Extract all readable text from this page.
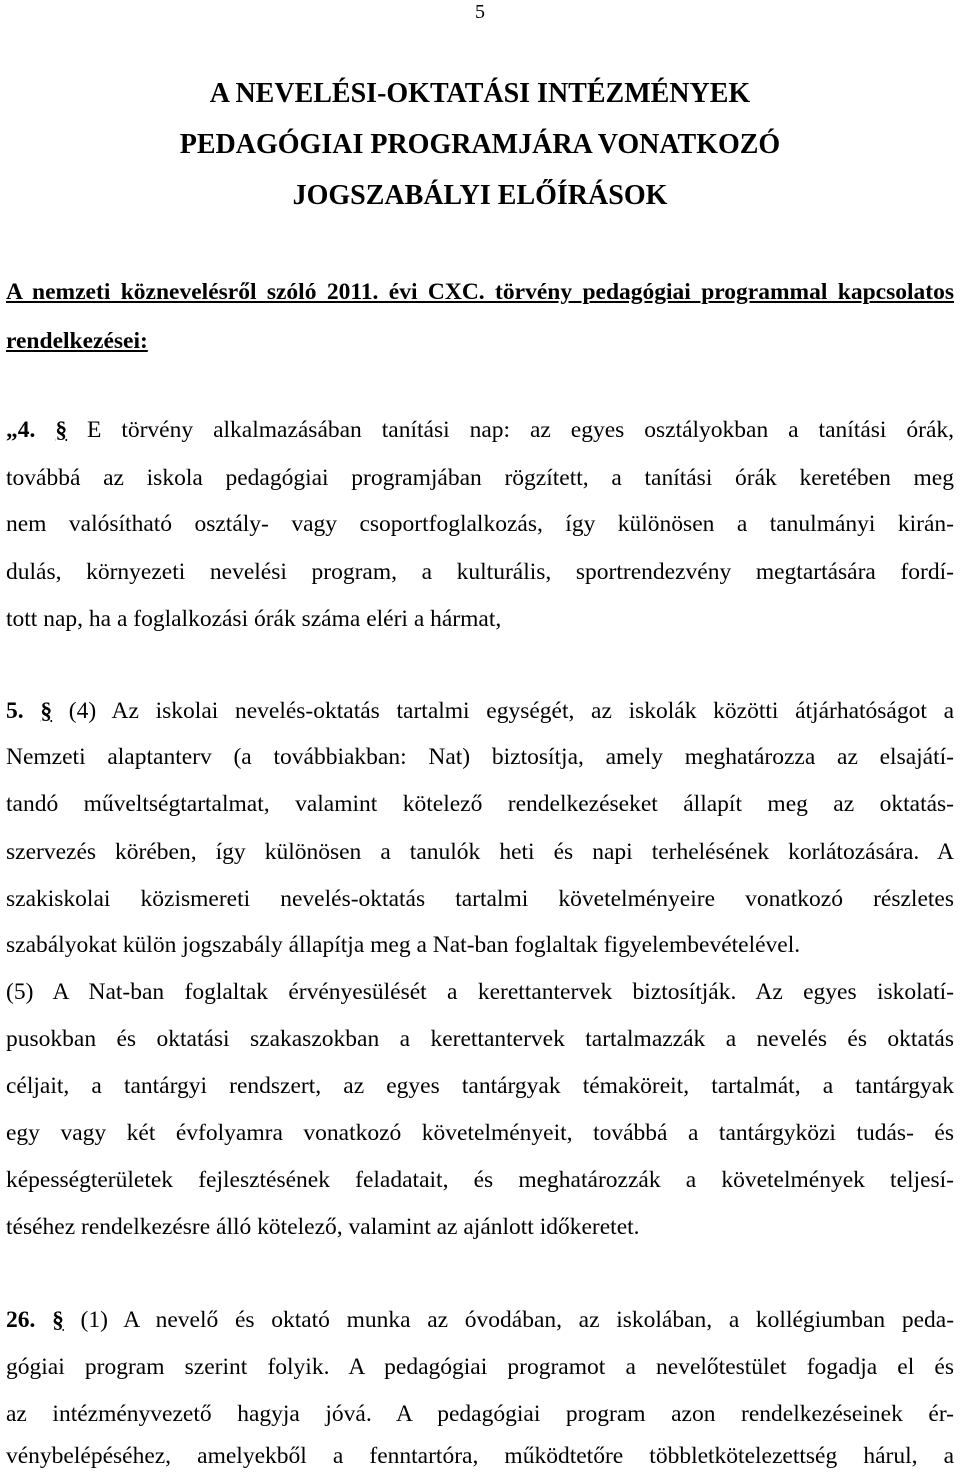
5
A NEVELÉSI-OKTATÁSI INTÉZMÉNYEK
PEDAGÓGIAI PROGRAMJÁRA VONATKOZÓ
JOGSZABÁLYI ELŐÍRÁSOK
A nemzeti köznevelésről szóló 2011. évi CXC. törvény pedagógiai programmal kapcsolatos rendelkezései:
„4. § E törvény alkalmazásában tanítási nap: az egyes osztályokban a tanítási órák,
továbbá az iskola pedagógiai programjában rögzített, a tanítási órák keretében meg
nem valósítható osztály- vagy csoportfoglalkozás, így különösen a tanulmányi kirán-
dulás, környezeti nevelési program, a kulturális, sportrendezvény megtartására fordí-
tott nap, ha a foglalkozási órák száma eléri a hármat,
5. § (4) Az iskolai nevelés-oktatás tartalmi egységét, az iskolák közötti átjárhatóságot a
Nemzeti alaptanterv (a továbbiakban: Nat) biztosítja, amely meghatározza az elsajátí-
tandó műveltségtartalmat, valamint kötelező rendelkezéseket állapít meg az oktatás-
szervezés körében, így különösen a tanulók heti és napi terhelésének korlátozására. A
szakiskolai közismereti nevelés-oktatás tartalmi követelményeire vonatkozó részletes
szabályokat külön jogszabály állapítja meg a Nat-ban foglaltak figyelembevételével.
(5) A Nat-ban foglaltak érvényesülését a kerettantervek biztosítják. Az egyes iskolatí-
pusokban és oktatási szakaszokban a kerettantervek tartalmazzák a nevelés és oktatás
céljait, a tantárgyi rendszert, az egyes tantárgyak témaköreit, tartalmát, a tantárgyak
egy vagy két évfolyamra vonatkozó követelményeit, továbbá a tantárgyközi tudás- és
képességterületek fejlesztésének feladatait, és meghatározzák a követelmények teljesí-
téséhez rendelkezésre álló kötelező, valamint az ajánlott időkeretet.
26. § (1) A nevelő és oktató munka az óvodában, az iskolában, a kollégiumban peda-
gógiai program szerint folyik. A pedagógiai programot a nevelőtestület fogadja el és
az intézményvezető hagyja jóvá. A pedagógiai program azon rendelkezéseinek ér-
vénybelépéséhez, amelyekből a fenntartóra, működtetőre többletkötelezettség hárul, a
